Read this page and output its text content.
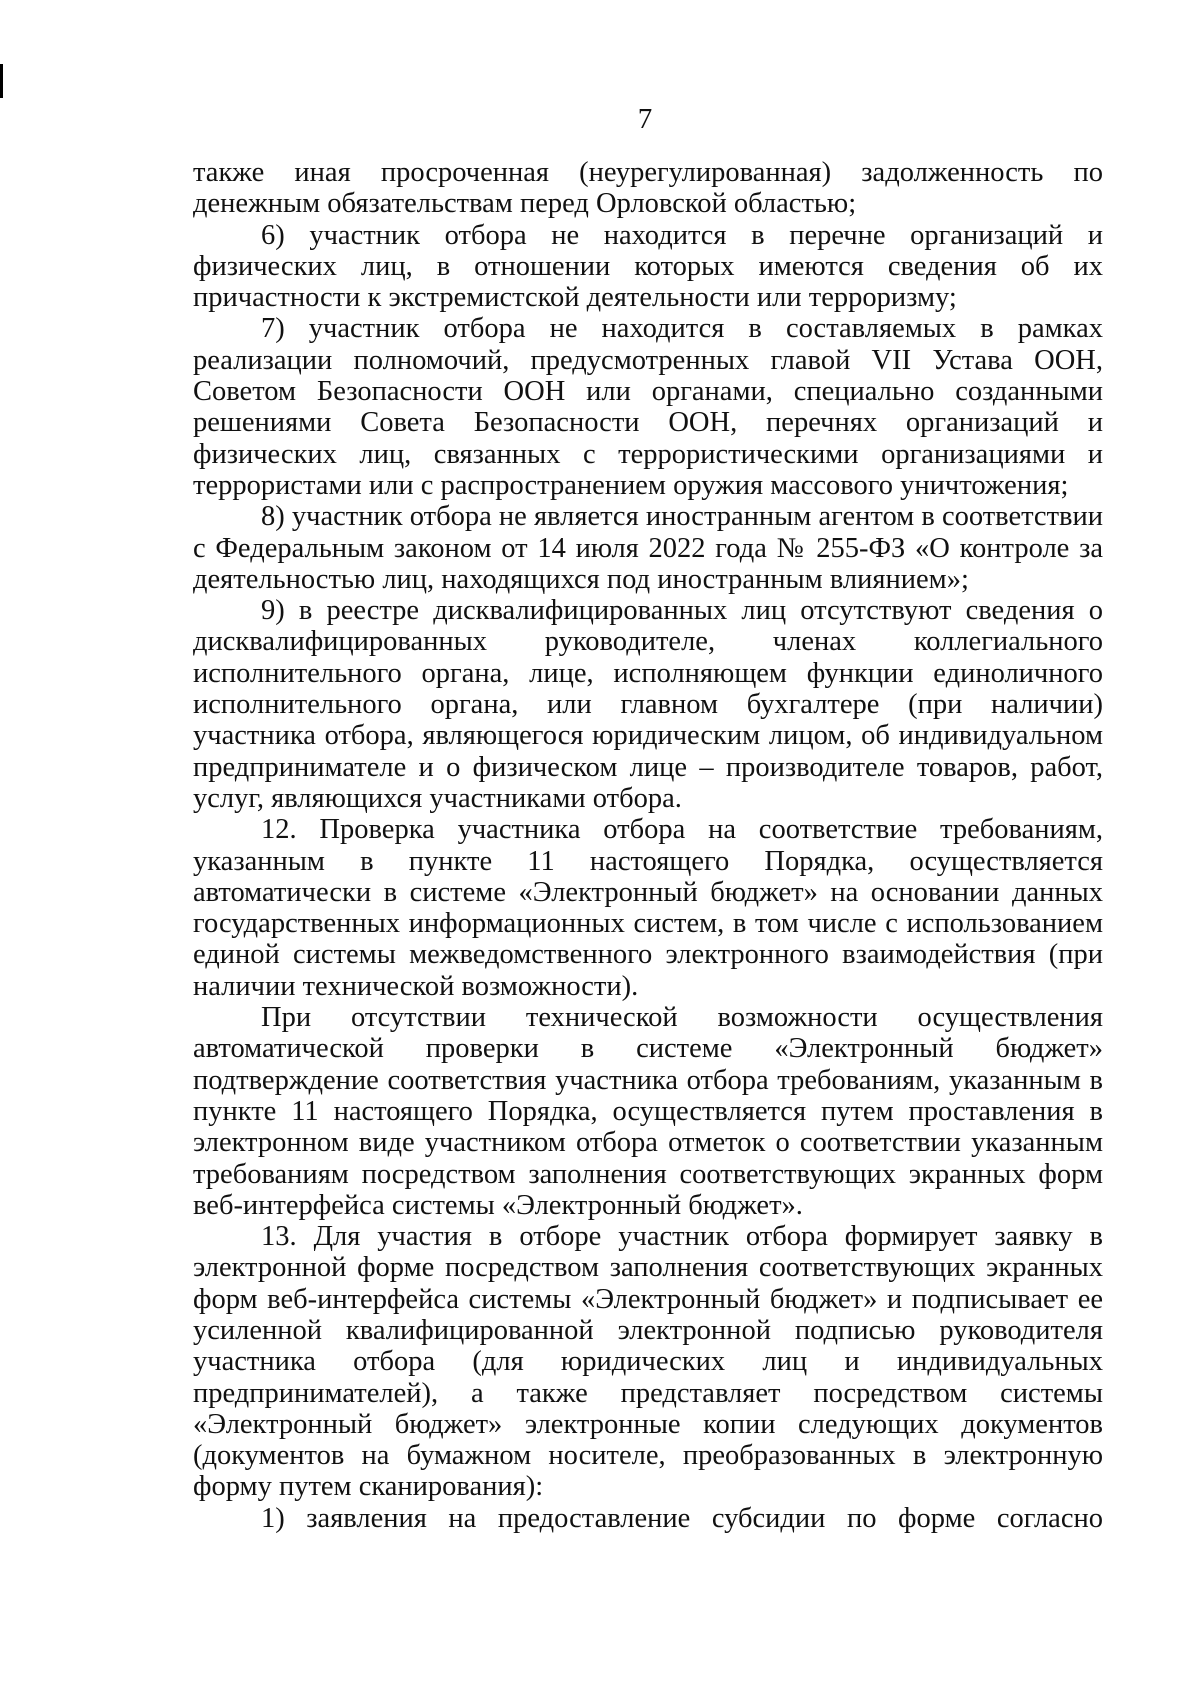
7

также иная просроченная (неурегулированная) задолженность по денежным обязательствам перед Орловской областью;

6) участник отбора не находится в перечне организаций и физических лиц, в отношении которых имеются сведения об их причастности к экстремистской деятельности или терроризму;

7) участник отбора не находится в составляемых в рамках реализации полномочий, предусмотренных главой VII Устава ООН, Советом Безопасности ООН или органами, специально созданными решениями Совета Безопасности ООН, перечнях организаций и физических лиц, связанных с террористическими организациями и террористами или с распространением оружия массового уничтожения;

8) участник отбора не является иностранным агентом в соответствии с Федеральным законом от 14 июля 2022 года № 255-ФЗ «О контроле за деятельностью лиц, находящихся под иностранным влиянием»;

9) в реестре дисквалифицированных лиц отсутствуют сведения о дисквалифицированных руководителе, членах коллегиального исполнительного органа, лице, исполняющем функции единоличного исполнительного органа, или главном бухгалтере (при наличии) участника отбора, являющегося юридическим лицом, об индивидуальном предпринимателе и о физическом лице – производителе товаров, работ, услуг, являющихся участниками отбора.

12. Проверка участника отбора на соответствие требованиям, указанным в пункте 11 настоящего Порядка, осуществляется автоматически в системе «Электронный бюджет» на основании данных государственных информационных систем, в том числе с использованием единой системы межведомственного электронного взаимодействия (при наличии технической возможности).

При отсутствии технической возможности осуществления автоматической проверки в системе «Электронный бюджет» подтверждение соответствия участника отбора требованиям, указанным в пункте 11 настоящего Порядка, осуществляется путем проставления в электронном виде участником отбора отметок о соответствии указанным требованиям посредством заполнения соответствующих экранных форм веб-интерфейса системы «Электронный бюджет».

13. Для участия в отборе участник отбора формирует заявку в электронной форме посредством заполнения соответствующих экранных форм веб-интерфейса системы «Электронный бюджет» и подписывает ее усиленной квалифицированной электронной подписью руководителя участника отбора (для юридических лиц и индивидуальных предпринимателей), а также представляет посредством системы «Электронный бюджет» электронные копии следующих документов (документов на бумажном носителе, преобразованных в электронную форму путем сканирования):

1) заявления на предоставление субсидии по форме согласно
